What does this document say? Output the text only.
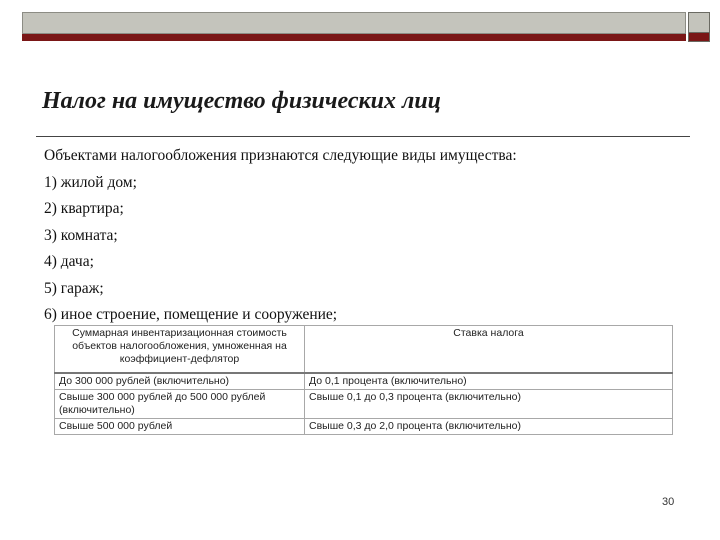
Налог на имущество физических лиц
Объектами налогообложения признаются следующие виды имущества:
1) жилой дом;
2) квартира;
3) комната;
4) дача;
5) гараж;
6) иное строение, помещение и сооружение;
Суммарная инвентаризационная стоимость объектов налогообложения, умноженная на коэффициент-дефлятор	Ставка налога
До 300 000 рублей (включительно)	До 0,1 процента (включительно)
Свыше 300 000 рублей до 500 000 рублей (включительно)	Свыше 0,1 до 0,3 процента (включительно)
Свыше 500 000 рублей	Свыше 0,3 до 2,0 процента (включительно)
30
